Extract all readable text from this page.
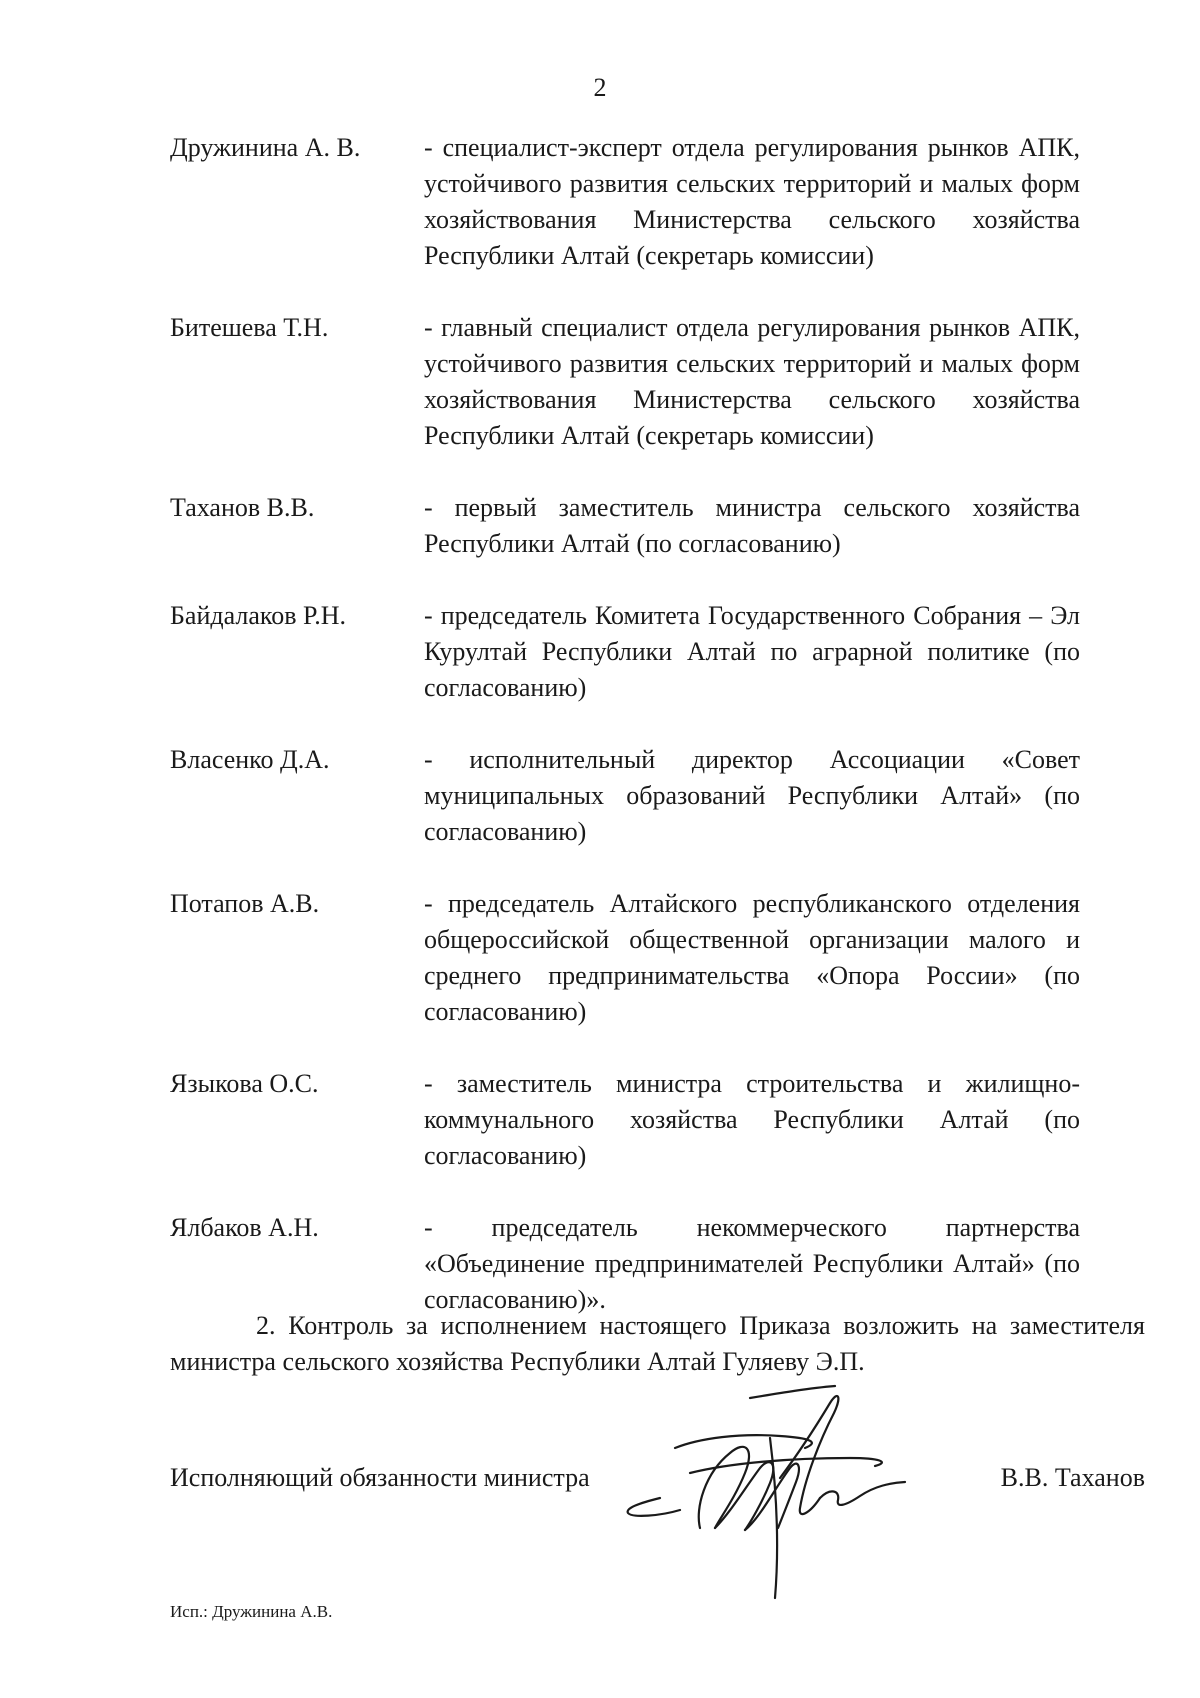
2
Дружинина А. В.	- специалист-эксперт отдела регулирования рынков АПК, устойчивого развития сельских территорий и малых форм хозяйствования Министерства сельского хозяйства Республики Алтай (секретарь комиссии)
Битешева Т.Н.	- главный специалист отдела регулирования рынков АПК, устойчивого развития сельских территорий и малых форм хозяйствования Министерства сельского хозяйства Республики Алтай (секретарь комиссии)
Таханов В.В.	- первый заместитель министра сельского хозяйства Республики Алтай (по согласованию)
Байдалаков Р.Н.	- председатель Комитета Государственного Собрания – Эл Курултай Республики Алтай по аграрной политике (по согласованию)
Власенко Д.А.	- исполнительный директор Ассоциации «Совет муниципальных образований Республики Алтай» (по согласованию)
Потапов А.В.	- председатель Алтайского республиканского отделения общероссийской общественной организации малого и среднего предпринимательства «Опора России» (по согласованию)
Языкова О.С.	- заместитель министра строительства и жилищно-коммунального хозяйства Республики Алтай (по согласованию)
Ялбаков А.Н.	- председатель некоммерческого партнерства «Объединение предпринимателей Республики Алтай» (по согласованию)».
2. Контроль за исполнением настоящего Приказа возложить на заместителя министра сельского хозяйства Республики Алтай Гуляеву Э.П.
Исполняющий обязанности министра	В.В. Таханов
Исп.: Дружинина А.В.
